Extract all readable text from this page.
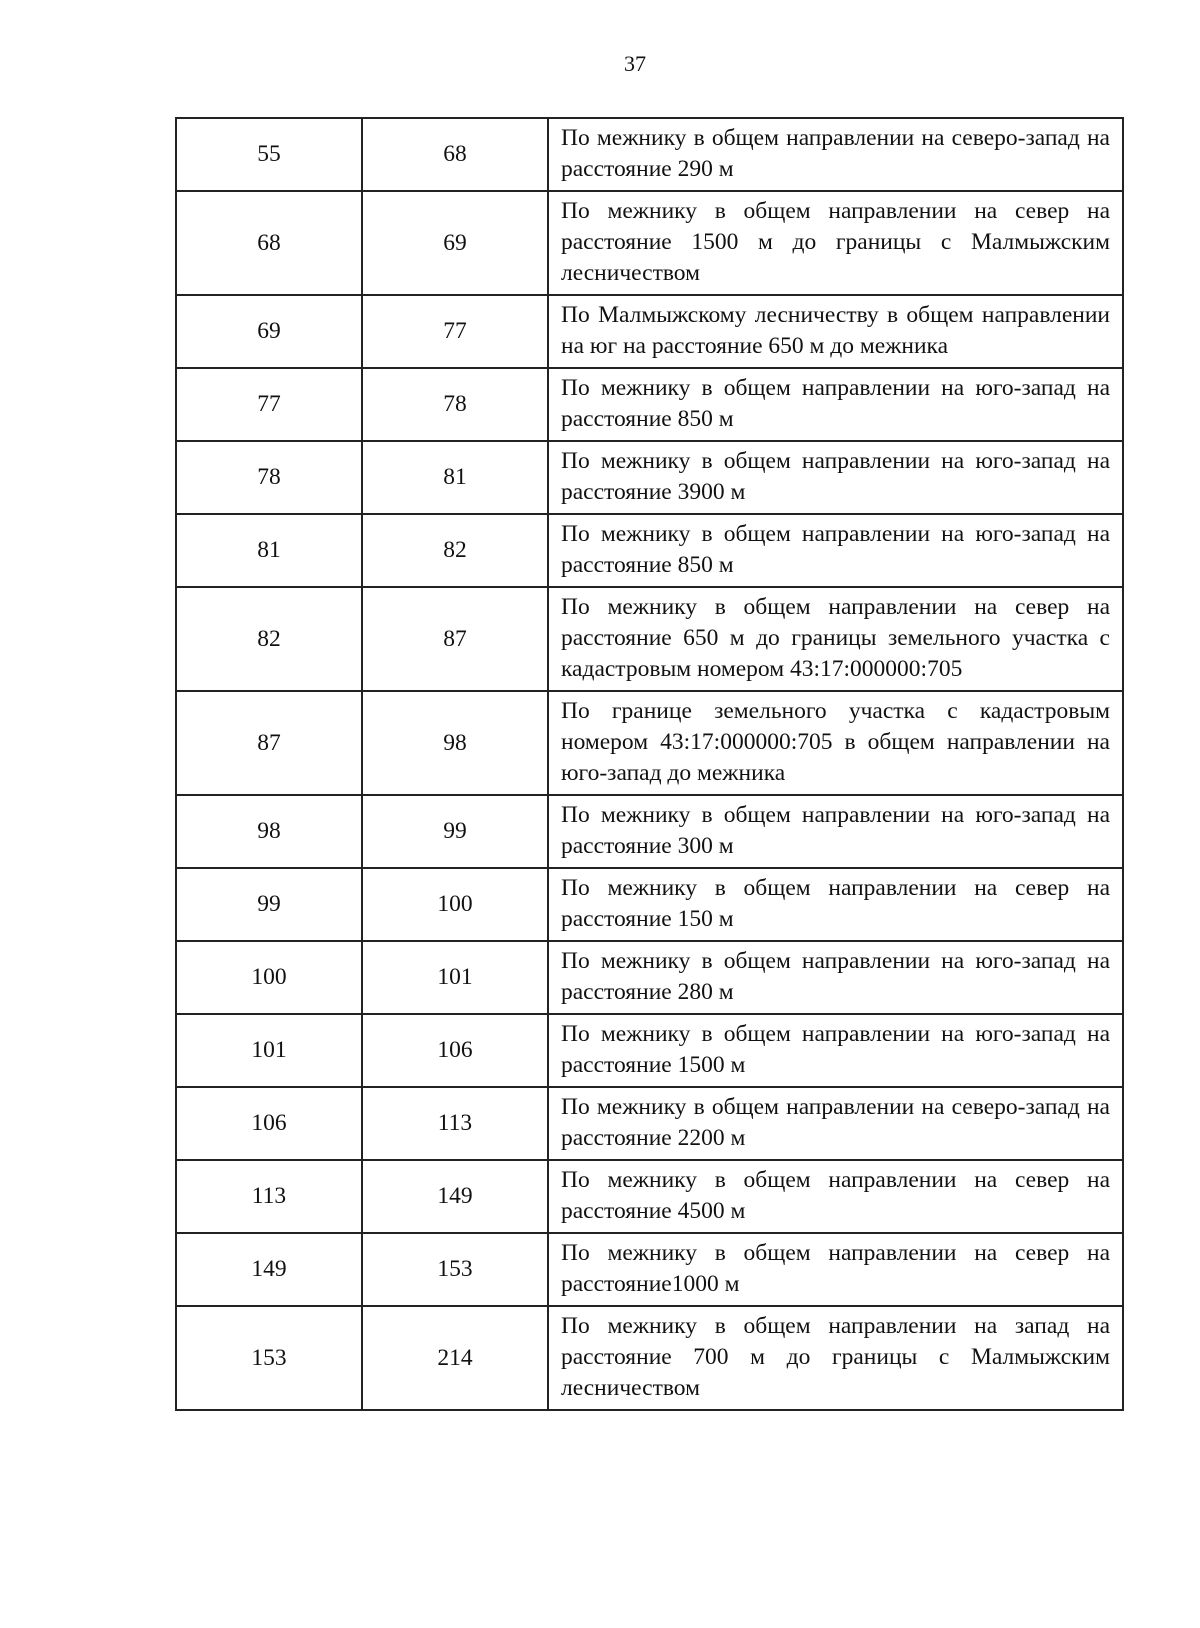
37
55	68	По межнику в общем направлении на северо-запад на расстояние 290 м
68	69	По межнику в общем направлении на север на расстояние 1500 м до границы с Малмыжским лесничеством
69	77	По Малмыжскому лесничеству в общем направлении на юг на расстояние 650 м до межника
77	78	По межнику в общем направлении на юго-запад на расстояние 850 м
78	81	По межнику в общем направлении на юго-запад на расстояние 3900 м
81	82	По межнику в общем направлении на юго-запад на расстояние 850 м
82	87	По межнику в общем направлении на север на расстояние 650 м до границы земельного участка с кадастровым номером 43:17:000000:705
87	98	По границе земельного участка с кадастровым номером 43:17:000000:705 в общем направлении на юго-запад до межника
98	99	По межнику в общем направлении на юго-запад на расстояние 300 м
99	100	По межнику в общем направлении на север на расстояние 150 м
100	101	По межнику в общем направлении на юго-запад на расстояние 280 м
101	106	По межнику в общем направлении на юго-запад на расстояние 1500 м
106	113	По межнику в общем направлении на северо-запад на расстояние 2200 м
113	149	По межнику в общем направлении на север на расстояние 4500 м
149	153	По межнику в общем направлении на север на расстояние1000 м
153	214	По межнику в общем направлении на запад на расстояние 700 м до границы с Малмыжским лесничеством
